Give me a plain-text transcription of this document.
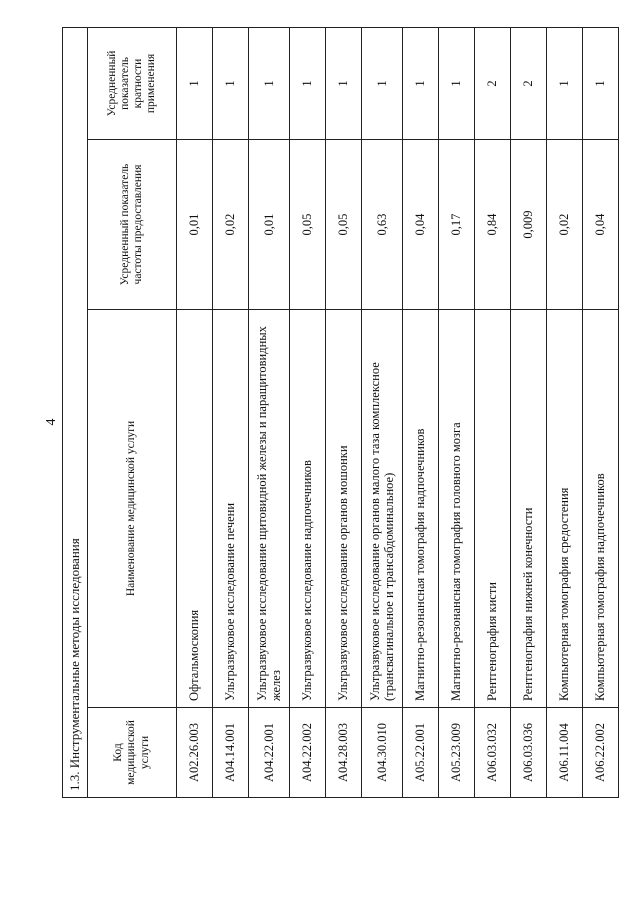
4
1.3. Инструментальные методы исследования			
Код медицинской услуги	Наименование медицинской услуги	Усредненный показатель частоты предоставления	Усредненный показатель кратности применения
A02.26.003	Офтальмоскопия	0,01	1
A04.14.001	Ультразвуковое исследование печени	0,02	1
A04.22.001	Ультразвуковое исследование щитовидной железы и паращитовидных желез	0,01	1
A04.22.002	Ультразвуковое исследование надпочечников	0,05	1
A04.28.003	Ультразвуковое исследование органов мошонки	0,05	1
A04.30.010	Ультразвуковое исследование органов малого таза комплексное (трансвагинальное и трансабдоминальное)	0,63	1
A05.22.001	Магнитно-резонансная томография надпочечников	0,04	1
A05.23.009	Магнитно-резонансная томография головного мозга	0,17	1
A06.03.032	Рентгенография кисти	0,84	2
A06.03.036	Рентгенография нижней конечности	0,009	2
A06.11.004	Компьютерная томография средостения	0,02	1
A06.22.002	Компьютерная томография надпочечников	0,04	1
